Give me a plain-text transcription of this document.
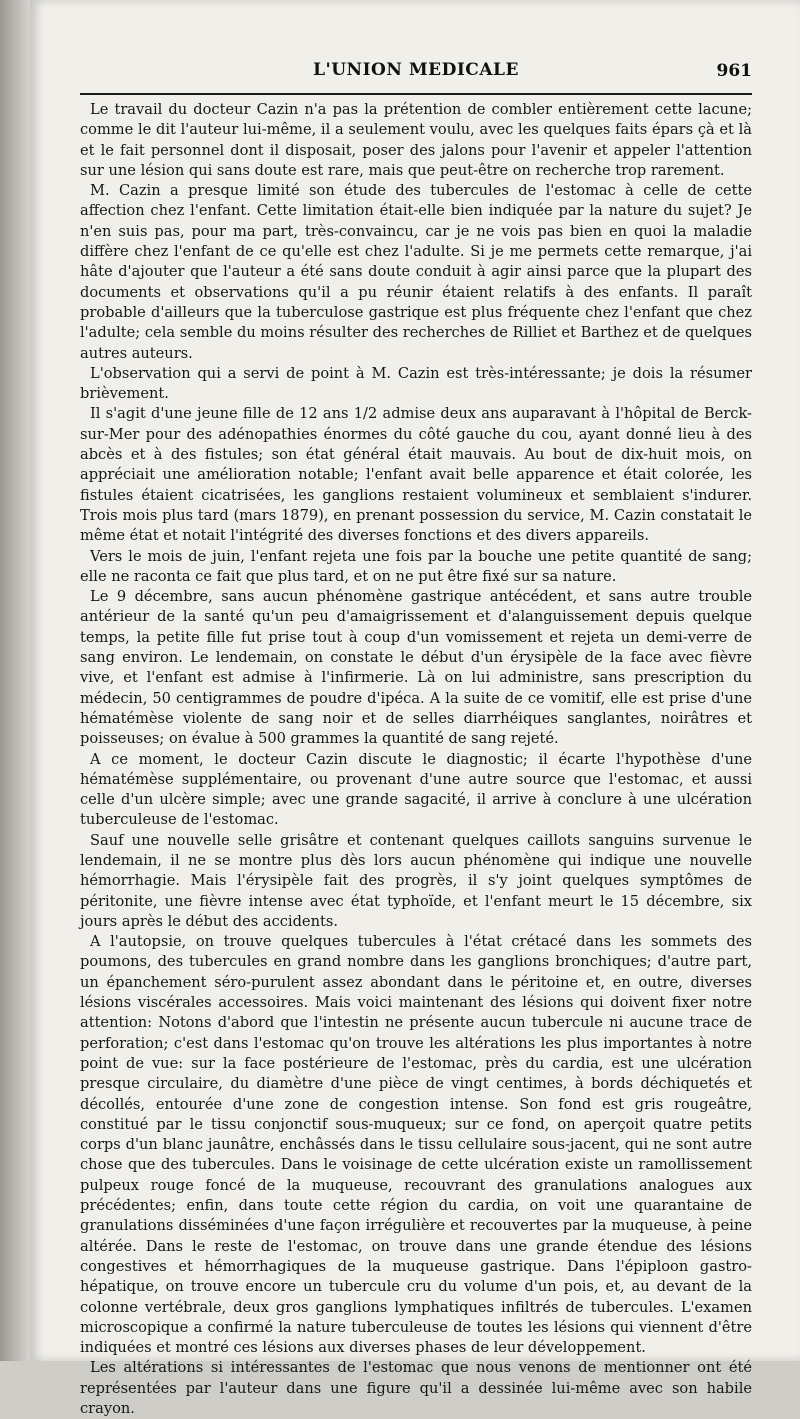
L'UNION MEDICALE	961

Le travail du docteur Cazin n'a pas la prétention de combler entièrement cette lacune; comme le dit l'auteur lui-même, il a seulement voulu, avec les quelques faits épars çà et là et le fait personnel dont il disposait, poser des jalons pour l'avenir et appeler l'attention sur une lésion qui sans doute est rare, mais que peut-être on recherche trop rarement.

M. Cazin a presque limité son étude des tubercules de l'estomac à celle de cette affection chez l'enfant. Cette limitation était-elle bien indiquée par la nature du sujet? Je n'en suis pas, pour ma part, très-convaincu, car je ne vois pas bien en quoi la maladie diffère chez l'enfant de ce qu'elle est chez l'adulte. Si je me permets cette remarque, j'ai hâte d'ajouter que l'auteur a été sans doute conduit à agir ainsi parce que la plupart des documents et observations qu'il a pu réunir étaient relatifs à des enfants. Il paraît probable d'ailleurs que la tuberculose gastrique est plus fréquente chez l'enfant que chez l'adulte; cela semble du moins résulter des recherches de Rilliet et Barthez et de quelques autres auteurs.

L'observation qui a servi de point à M. Cazin est très-intéressante; je dois la résumer brièvement.

Il s'agit d'une jeune fille de 12 ans 1/2 admise deux ans auparavant à l'hôpital de Berck-sur-Mer pour des adénopathies énormes du côté gauche du cou, ayant donné lieu à des abcès et à des fistules; son état général était mauvais. Au bout de dix-huit mois, on appréciait une amélioration notable; l'enfant avait belle apparence et était colorée, les fistules étaient cicatrisées, les ganglions restaient volumineux et semblaient s'indurer. Trois mois plus tard (mars 1879), en prenant possession du service, M. Cazin constatait le même état et notait l'intégrité des diverses fonctions et des divers appareils.

Vers le mois de juin, l'enfant rejeta une fois par la bouche une petite quantité de sang; elle ne raconta ce fait que plus tard, et on ne put être fixé sur sa nature.

Le 9 décembre, sans aucun phénomène gastrique antécédent, et sans autre trouble antérieur de la santé qu'un peu d'amaigrissement et d'alanguissement depuis quelque temps, la petite fille fut prise tout à coup d'un vomissement et rejeta un demi-verre de sang environ. Le lendemain, on constate le début d'un érysipèle de la face avec fièvre vive, et l'enfant est admise à l'infirmerie. Là on lui administre, sans prescription du médecin, 50 centigrammes de poudre d'ipéca. A la suite de ce vomitif, elle est prise d'une hématémèse violente de sang noir et de selles diarrhéiques sanglantes, noirâtres et poisseuses; on évalue à 500 grammes la quantité de sang rejeté.

A ce moment, le docteur Cazin discute le diagnostic; il écarte l'hypothèse d'une hématémèse supplémentaire, ou provenant d'une autre source que l'estomac, et aussi celle d'un ulcère simple; avec une grande sagacité, il arrive à conclure à une ulcération tuberculeuse de l'estomac.

Sauf une nouvelle selle grisâtre et contenant quelques caillots sanguins survenue le lendemain, il ne se montre plus dès lors aucun phénomène qui indique une nouvelle hémorrhagie. Mais l'érysipèle fait des progrès, il s'y joint quelques symptômes de péritonite, une fièvre intense avec état typhoïde, et l'enfant meurt le 15 décembre, six jours après le début des accidents.

A l'autopsie, on trouve quelques tubercules à l'état crétacé dans les sommets des poumons, des tubercules en grand nombre dans les ganglions bronchiques; d'autre part, un épanchement séro-purulent assez abondant dans le péritoine et, en outre, diverses lésions viscérales accessoires. Mais voici maintenant des lésions qui doivent fixer notre attention: Notons d'abord que l'intestin ne présente aucun tubercule ni aucune trace de perforation; c'est dans l'estomac qu'on trouve les altérations les plus importantes à notre point de vue: sur la face postérieure de l'estomac, près du cardia, est une ulcération presque circulaire, du diamètre d'une pièce de vingt centimes, à bords déchiquetés et décollés, entourée d'une zone de congestion intense. Son fond est gris rougeâtre, constitué par le tissu conjonctif sous-muqueux; sur ce fond, on aperçoit quatre petits corps d'un blanc jaunâtre, enchâssés dans le tissu cellulaire sous-jacent, qui ne sont autre chose que des tubercules. Dans le voisinage de cette ulcération existe un ramollissement pulpeux rouge foncé de la muqueuse, recouvrant des granulations analogues aux précédentes; enfin, dans toute cette région du cardia, on voit une quarantaine de granulations disséminées d'une façon irrégulière et recouvertes par la muqueuse, à peine altérée. Dans le reste de l'estomac, on trouve dans une grande étendue des lésions congestives et hémorrhagiques de la muqueuse gastrique. Dans l'épiploon gastro-hépatique, on trouve encore un tubercule cru du volume d'un pois, et, au devant de la colonne vertébrale, deux gros ganglions lymphatiques infiltrés de tubercules. L'examen microscopique a confirmé la nature tuberculeuse de toutes les lésions qui viennent d'être indiquées et montré ces lésions aux diverses phases de leur développement.

Les altérations si intéressantes de l'estomac que nous venons de mentionner ont été représentées par l'auteur dans une figure qu'il a dessinée lui-même avec son habile crayon.
